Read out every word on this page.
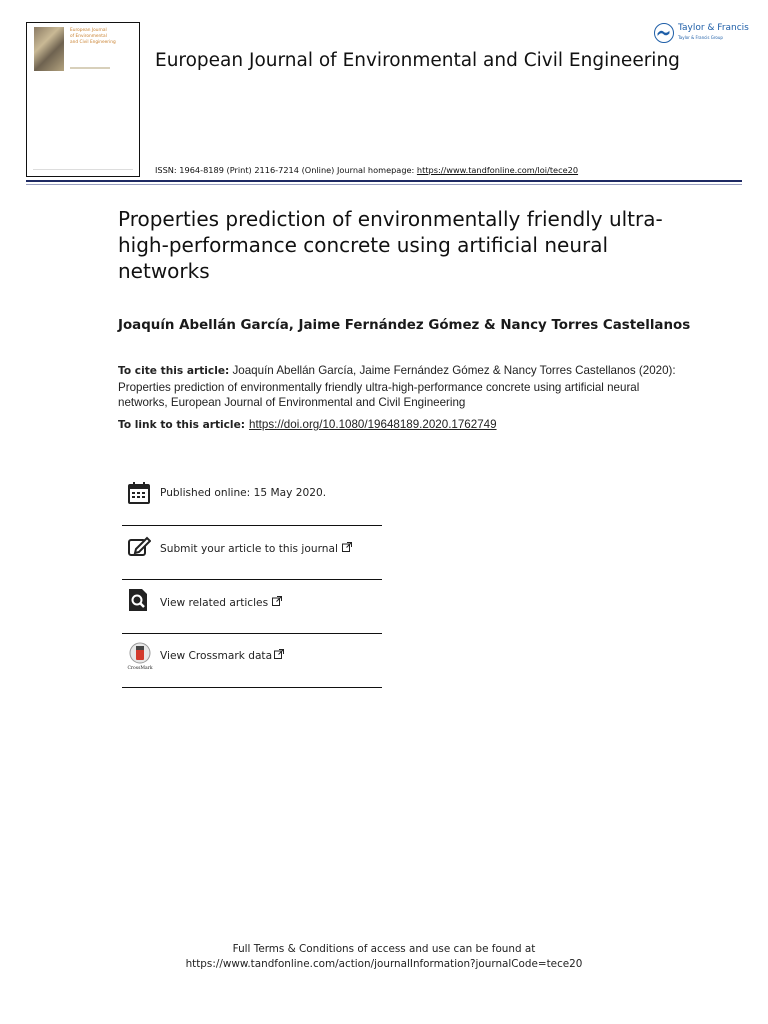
European Journal
of Environmental
and Civil Engineering
European Journal of Environmental and Civil Engineering
Taylor & Francis
Taylor & Francis Group
ISSN: 1964-8189 (Print) 2116-7214 (Online) Journal homepage: https://www.tandfonline.com/loi/tece20
Properties prediction of environmentally friendly ultra-high-performance concrete using artificial neural networks
Joaquín Abellán García, Jaime Fernández Gómez & Nancy Torres Castellanos
To cite this article: Joaquín Abellán García, Jaime Fernández Gómez & Nancy Torres Castellanos (2020): Properties prediction of environmentally friendly ultra-high-performance concrete using artificial neural networks, European Journal of Environmental and Civil Engineering
To link to this article: https://doi.org/10.1080/19648189.2020.1762749
Published online: 15 May 2020.
Submit your article to this journal
View related articles
CrossMark
View Crossmark data
Full Terms & Conditions of access and use can be found at
https://www.tandfonline.com/action/journalInformation?journalCode=tece20
